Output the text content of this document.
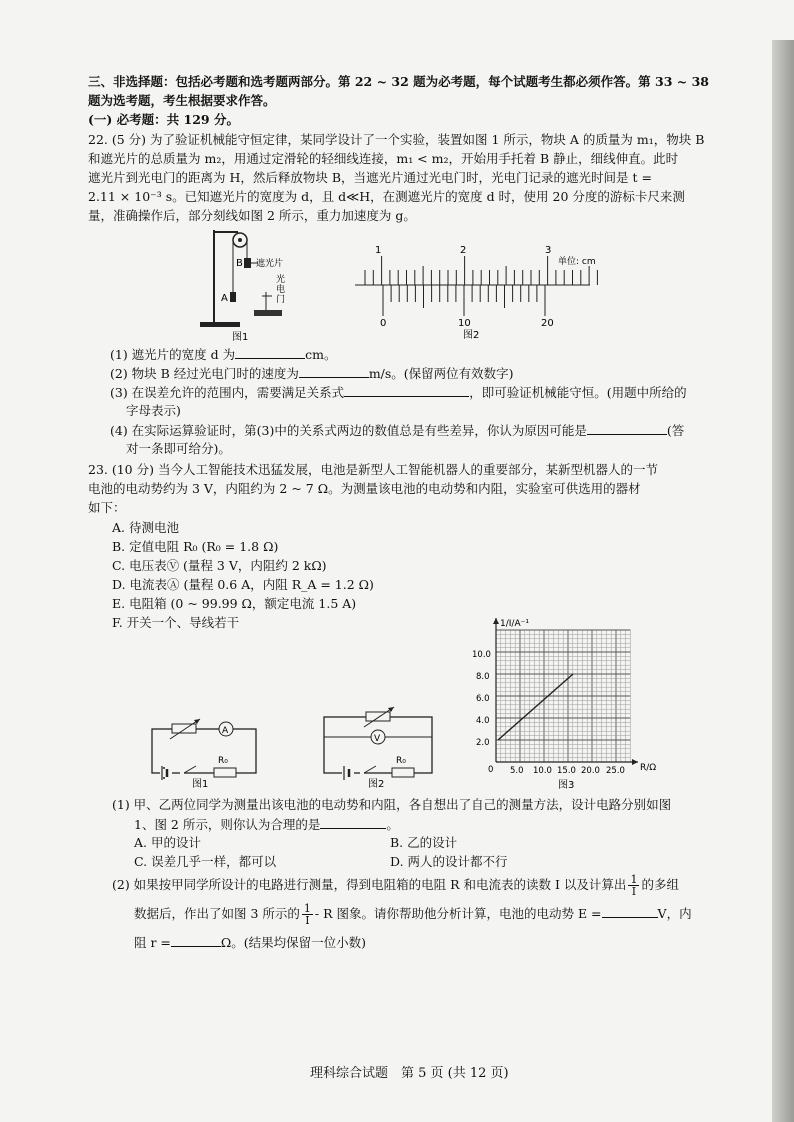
三、非选择题：包括必考题和选考题两部分。第 22 ~ 32 题为必考题，每个试题考生都必须作答。第 33 ~ 38
题为选考题，考生根据要求作答。
(一) 必考题：共 129 分。
22. (5 分) 为了验证机械能守恒定律，某同学设计了一个实验，装置如图 1 所示，物块 A 的质量为 m₁，物块 B
和遮光片的总质量为 m₂，用通过定滑轮的轻细线连接，m₁ < m₂，开始用手托着 B 静止，细线伸直。此时
遮光片到光电门的距离为 H，然后释放物块 B，当遮光片通过光电门时，光电门记录的遮光时间是 t =
2.11 × 10⁻³ s。已知遮光片的宽度为 d，且 d≪H，在测遮光片的宽度 d 时，使用 20 分度的游标卡尺来测
量，准确操作后，部分刻线如图 2 所示，重力加速度为 g。
B 遮光片
A
光
电
门
图1
1	2	3
单位: cm
0	10	20
图2
(1) 遮光片的宽度 d 为	cm。
(2) 物块 B 经过光电门时的速度为	m/s。(保留两位有效数字)
(3) 在误差允许的范围内，需要满足关系式	，即可验证机械能守恒。(用题中所给的
字母表示)
(4) 在实际运算验证时，第(3)中的关系式两边的数值总是有些差异，你认为原因可能是	(答
对一条即可给分)。
23. (10 分) 当今人工智能技术迅猛发展，电池是新型人工智能机器人的重要部分，某新型机器人的一节
电池的电动势约为 3 V，内阻约为 2 ~ 7 Ω。为测量该电池的电动势和内阻，实验室可供选用的器材
如下：
A. 待测电池
B. 定值电阻 R₀ (R₀ = 1.8 Ω)
C. 电压表Ⓥ (量程 3 V，内阻约 2 kΩ)
D. 电流表Ⓐ (量程 0.6 A，内阻 R_A = 1.2 Ω)
E. 电阻箱 (0 ~ 99.99 Ω，额定电流 1.5 A)
F. 开关一个、导线若干
A
R₀
图1
V
R₀
图2
1/I/A⁻¹
R/Ω
10.0
8.0
6.0
4.0
2.0
0 5.0 10.0 15.0 20.0 25.0
图3
(1) 甲、乙两位同学为测量出该电池的电动势和内阻，各自想出了自己的测量方法，设计电路分别如图
1、图 2 所示，则你认为合理的是	。
A. 甲的设计	B. 乙的设计
C. 误差几乎一样，都可以	D. 两人的设计都不行
(2) 如果按甲同学所设计的电路进行测量，得到电阻箱的电阻 R 和电流表的读数 I 以及计算出 $\frac{1}{I}$ 的多组
数据后，作出了如图 3 所示的 $\frac{1}{I}$ - R 图象。请你帮助他分析计算，电池的电动势 E =	V，内
阻 r =	Ω。(结果均保留一位小数)
理科综合试题　第 5 页 (共 12 页)
